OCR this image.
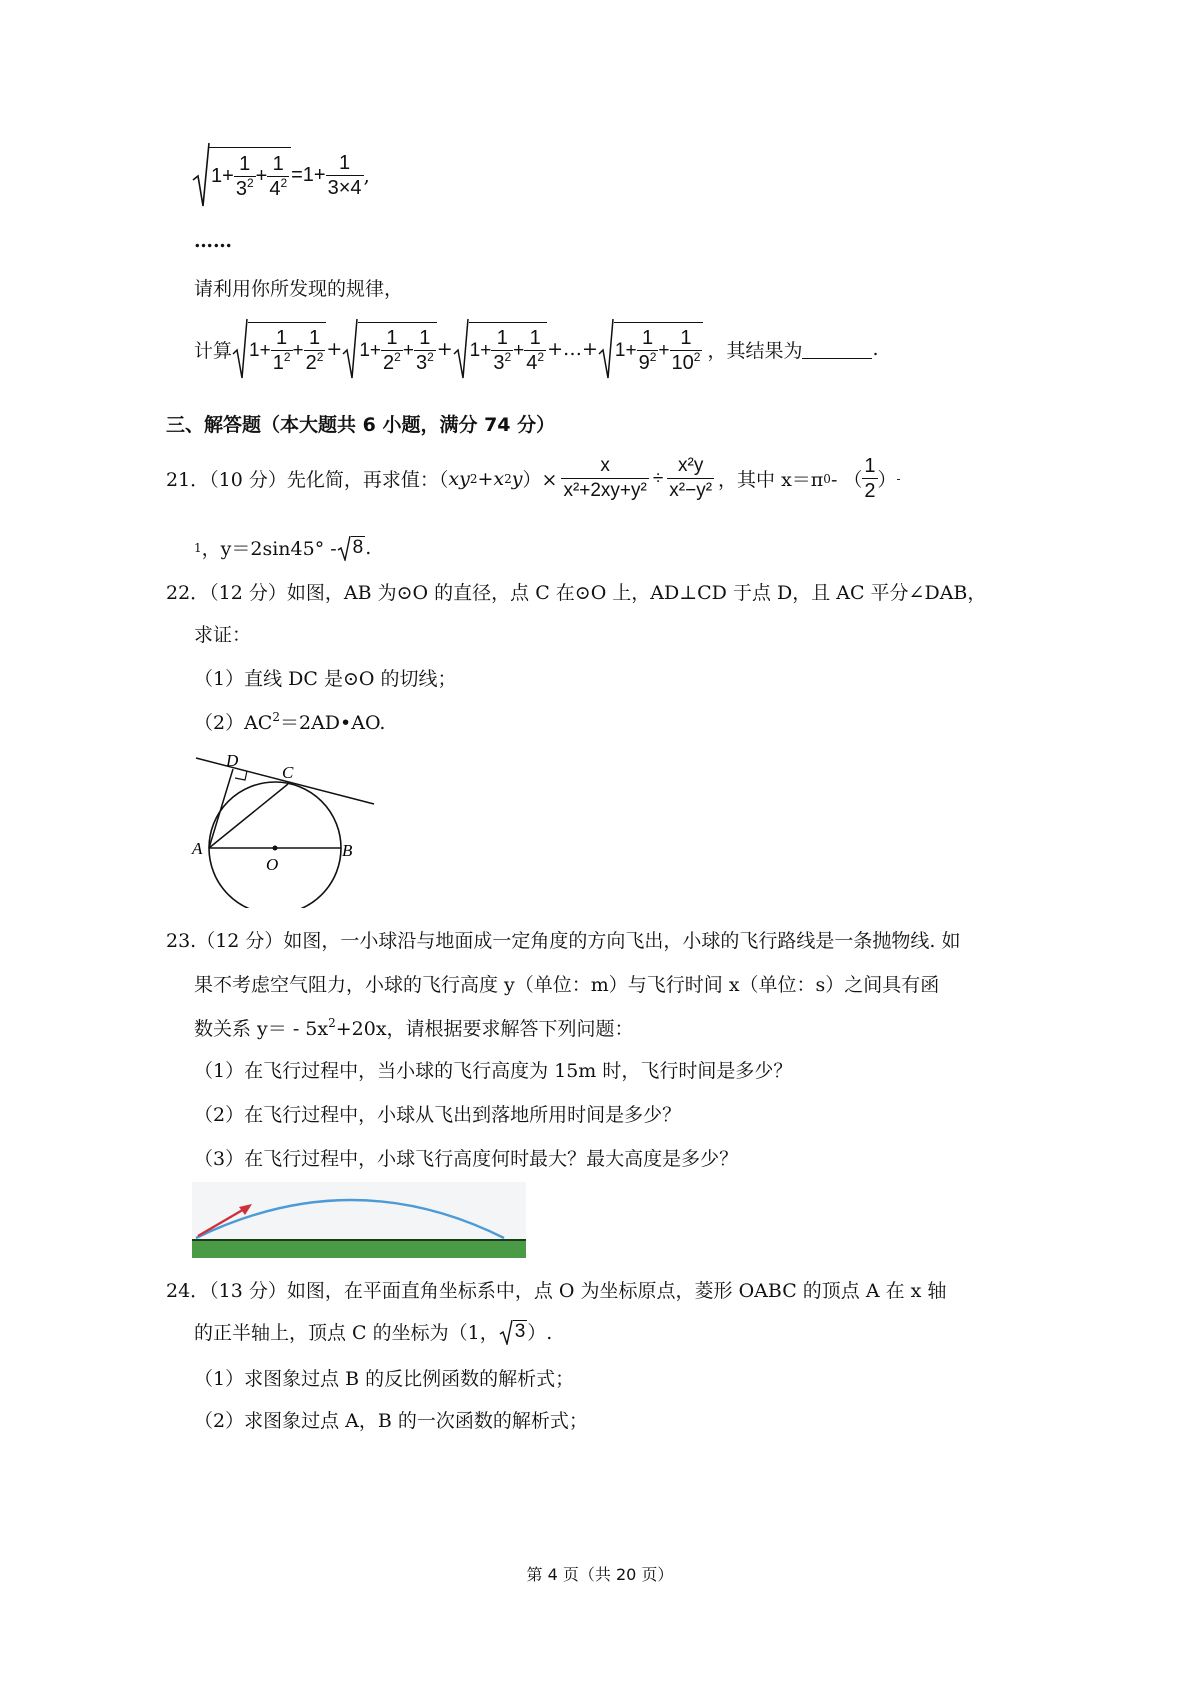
$1+ \frac{1}{3^2} + \frac{1}{4^2} =1+ \frac{1}{3\times 4}$ ,
……
请利用你所发现的规律，
计算 $1+ \frac{1}{1^2} + \frac{1}{2^2} + 1+ \frac{1}{2^2} + \frac{1}{3^2} + 1+ \frac{1}{3^2} + \frac{1}{4^2}$ +…+ $1+ \frac{1}{9^2} + \frac{1}{10^2}$ ，其结果为	.
三、解答题（本大题共 6 小题，满分 74 分）
21．（10 分）先化简，再求值：（ xy 2 + x 2 y ）× $\frac{x}{\text{x²+2xy+y²}} \div \frac{\text{x²y}}{\text{x²−y²}}$ ，其中 x＝π 0 - （ $\frac{1}{2}$ ） -
1 ，y＝2sin45° - 8 .
22．（12 分）如图，AB 为⊙O 的直径，点 C 在⊙O 上，AD⊥CD 于点 D，且 AC 平分∠DAB，
求证：
（1）直线 DC 是⊙O 的切线；
$(2)AC^2=2AD•AO$.
D
C
A
O
B
23.（12 分）如图，一小球沿与地面成一定角度的方向飞出，小球的飞行路线是一条抛物线. 如
果不考虑空气阻力，小球的飞行高度 y（单位：m）与飞行时间 x（单位：s）之间具有函
数关系 $y= - 5x^2+20x$，请根据要求解答下列问题：
（1）在飞行过程中，当小球的飞行高度为 15m 时，飞行时间是多少？
（2）在飞行过程中，小球从飞出到落地所用时间是多少？
（3）在飞行过程中，小球飞行高度何时最大？最大高度是多少？
24．（13 分）如图，在平面直角坐标系中，点 O 为坐标原点，菱形 OABC 的顶点 A 在 x 轴
的正半轴上，顶点 C 的坐标为（1， 3 ）.
（1）求图象过点 B 的反比例函数的解析式；
（2）求图象过点 A，B 的一次函数的解析式；
第 4 页（共 20 页）
